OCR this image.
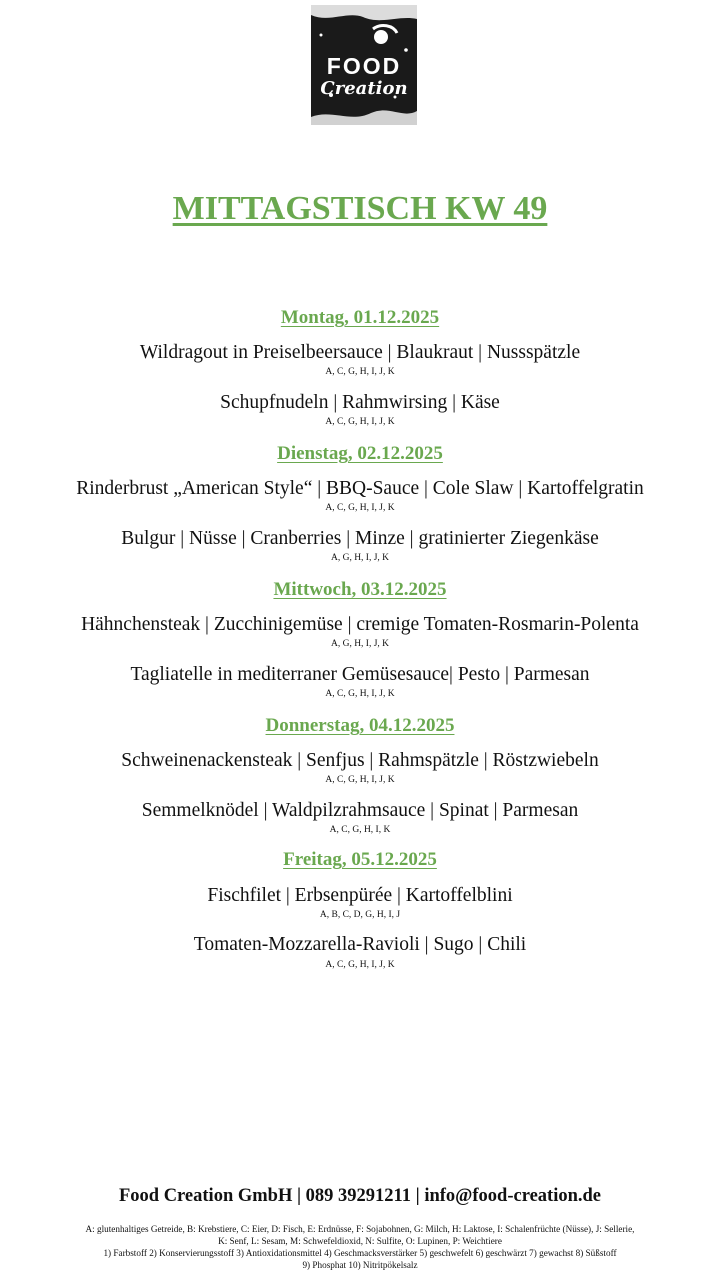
FOOD
Creation
MITTAGSTISCH KW 49
Montag, 01.12.2025
Wildragout in Preiselbeersauce | Blaukraut | Nussspätzle
A, C, G, H, I, J, K
Schupfnudeln | Rahmwirsing | Käse
A, C, G, H, I, J, K
Dienstag, 02.12.2025
Rinderbrust „American Style“ | BBQ-Sauce | Cole Slaw | Kartoffelgratin
A, C, G, H, I, J, K
Bulgur | Nüsse | Cranberries | Minze | gratinierter Ziegenkäse
A, G, H, I, J, K
Mittwoch, 03.12.2025
Hähnchensteak | Zucchinigemüse | cremige Tomaten-Rosmarin-Polenta
A, G, H, I, J, K
Tagliatelle in mediterraner Gemüsesauce| Pesto | Parmesan
A, C, G, H, I, J, K
Donnerstag, 04.12.2025
Schweinenackensteak | Senfjus | Rahmspätzle | Röstzwiebeln
A, C, G, H, I, J, K
Semmelknödel | Waldpilzrahmsauce | Spinat | Parmesan
A, C, G, H, I, K
Freitag, 05.12.2025
Fischfilet | Erbsenpürée | Kartoffelblini
A, B, C, D, G, H, I, J
Tomaten-Mozzarella-Ravioli | Sugo | Chili
A, C, G, H, I, J, K
Food Creation GmbH | 089 39291211 | info@food-creation.de
A: glutenhaltiges Getreide, B: Krebstiere, C: Eier, D: Fisch, E: Erdnüsse, F: Sojabohnen, G: Milch, H: Laktose, I: Schalenfrüchte (Nüsse), J: Sellerie,
K: Senf, L: Sesam, M: Schwefeldioxid, N: Sulfite, O: Lupinen, P: Weichtiere
1) Farbstoff 2) Konservierungsstoff 3) Antioxidationsmittel 4) Geschmacksverstärker 5) geschwefelt 6) geschwärzt 7) gewachst 8) Süßstoff
9) Phosphat 10) Nitritpökelsalz
